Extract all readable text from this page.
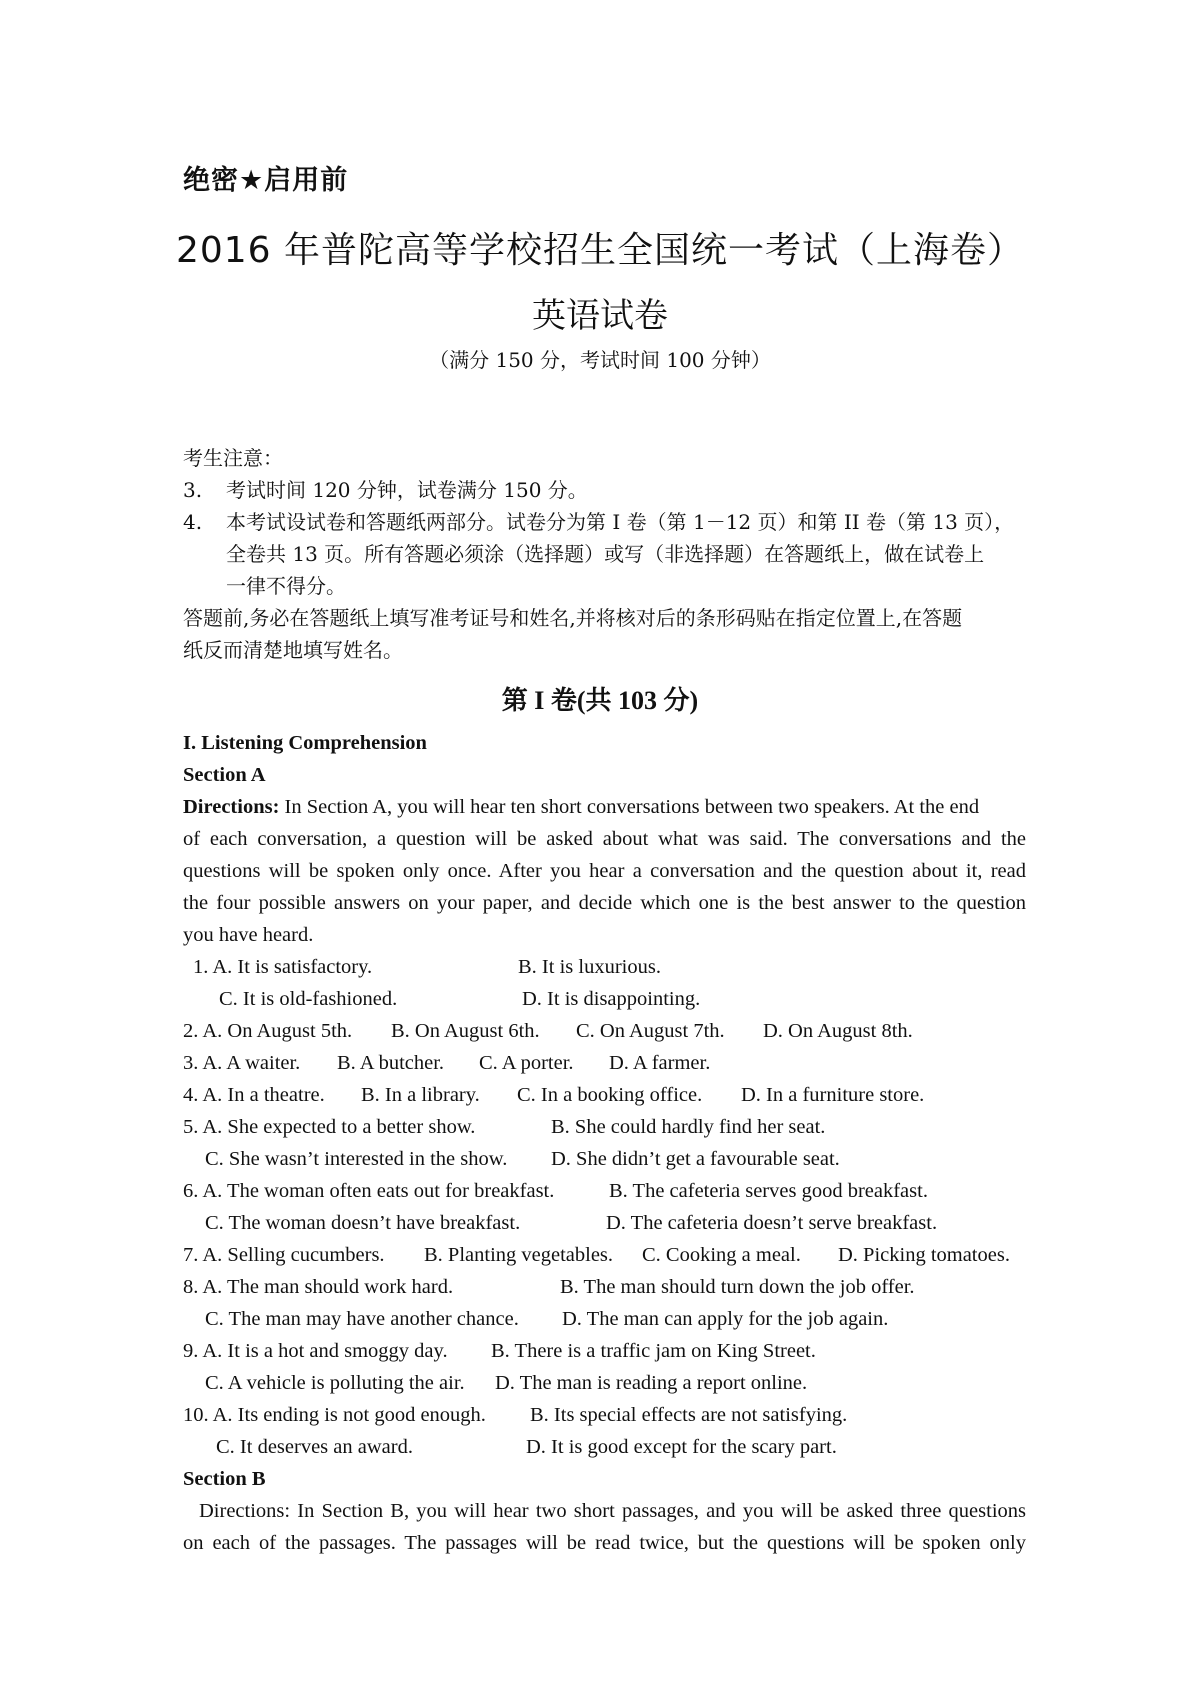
绝密★启用前
2016 年普陀高等学校招生全国统一考试（上海卷）
英语试卷
（满分 150 分，考试时间 100 分钟）
考生注意：
3. 考试时间 120 分钟，试卷满分 150 分。
4. 本考试设试卷和答题纸两部分。试卷分为第 I 卷（第 1－12 页）和第 II 卷（第 13 页），
全卷共 13 页。所有答题必须涂（选择题）或写（非选择题）在答题纸上，做在试卷上
一律不得分。
答题前,务必在答题纸上填写准考证号和姓名,并将核对后的条形码贴在指定位置上,在答题
纸反而清楚地填写姓名。
第 I 卷(共 103 分)
I. Listening Comprehension
Section A
Directions: In Section A, you will hear ten short conversations between two speakers. At the end
of each conversation, a question will be asked about what was said. The conversations and the
questions will be spoken only once. After you hear a conversation and the question about it, read
the four possible answers on your paper, and decide which one is the best answer to the question
you have heard.
1. A. It is satisfactory.	B. It is luxurious.
C. It is old-fashioned.	D. It is disappointing.
2. A. On August 5th. B. On August 6th. C. On August 7th. D. On August 8th.
3. A. A waiter. B. A butcher. C. A porter. D. A farmer.
4. A. In a theatre. B. In a library. C. In a booking office. D. In a furniture store.
5. A. She expected to a better show.	B. She could hardly find her seat.
C. She wasn’t interested in the show. D. She didn’t get a favourable seat.
6. A. The woman often eats out for breakfast.	B. The cafeteria serves good breakfast.
C. The woman doesn’t have breakfast.	D. The cafeteria doesn’t serve breakfast.
7. A. Selling cucumbers. B. Planting vegetables. C. Cooking a meal. D. Picking tomatoes.
8. A. The man should work hard.	B. The man should turn down the job offer.
C. The man may have another chance. D. The man can apply for the job again.
9. A. It is a hot and smoggy day. B. There is a traffic jam on King Street.
C. A vehicle is polluting the air. D. The man is reading a report online.
10. A. Its ending is not good enough. B. Its special effects are not satisfying.
C. It deserves an award.	D. It is good except for the scary part.
Section B
Directions: In Section B, you will hear two short passages, and you will be asked three questions
on each of the passages. The passages will be read twice, but the questions will be spoken only
